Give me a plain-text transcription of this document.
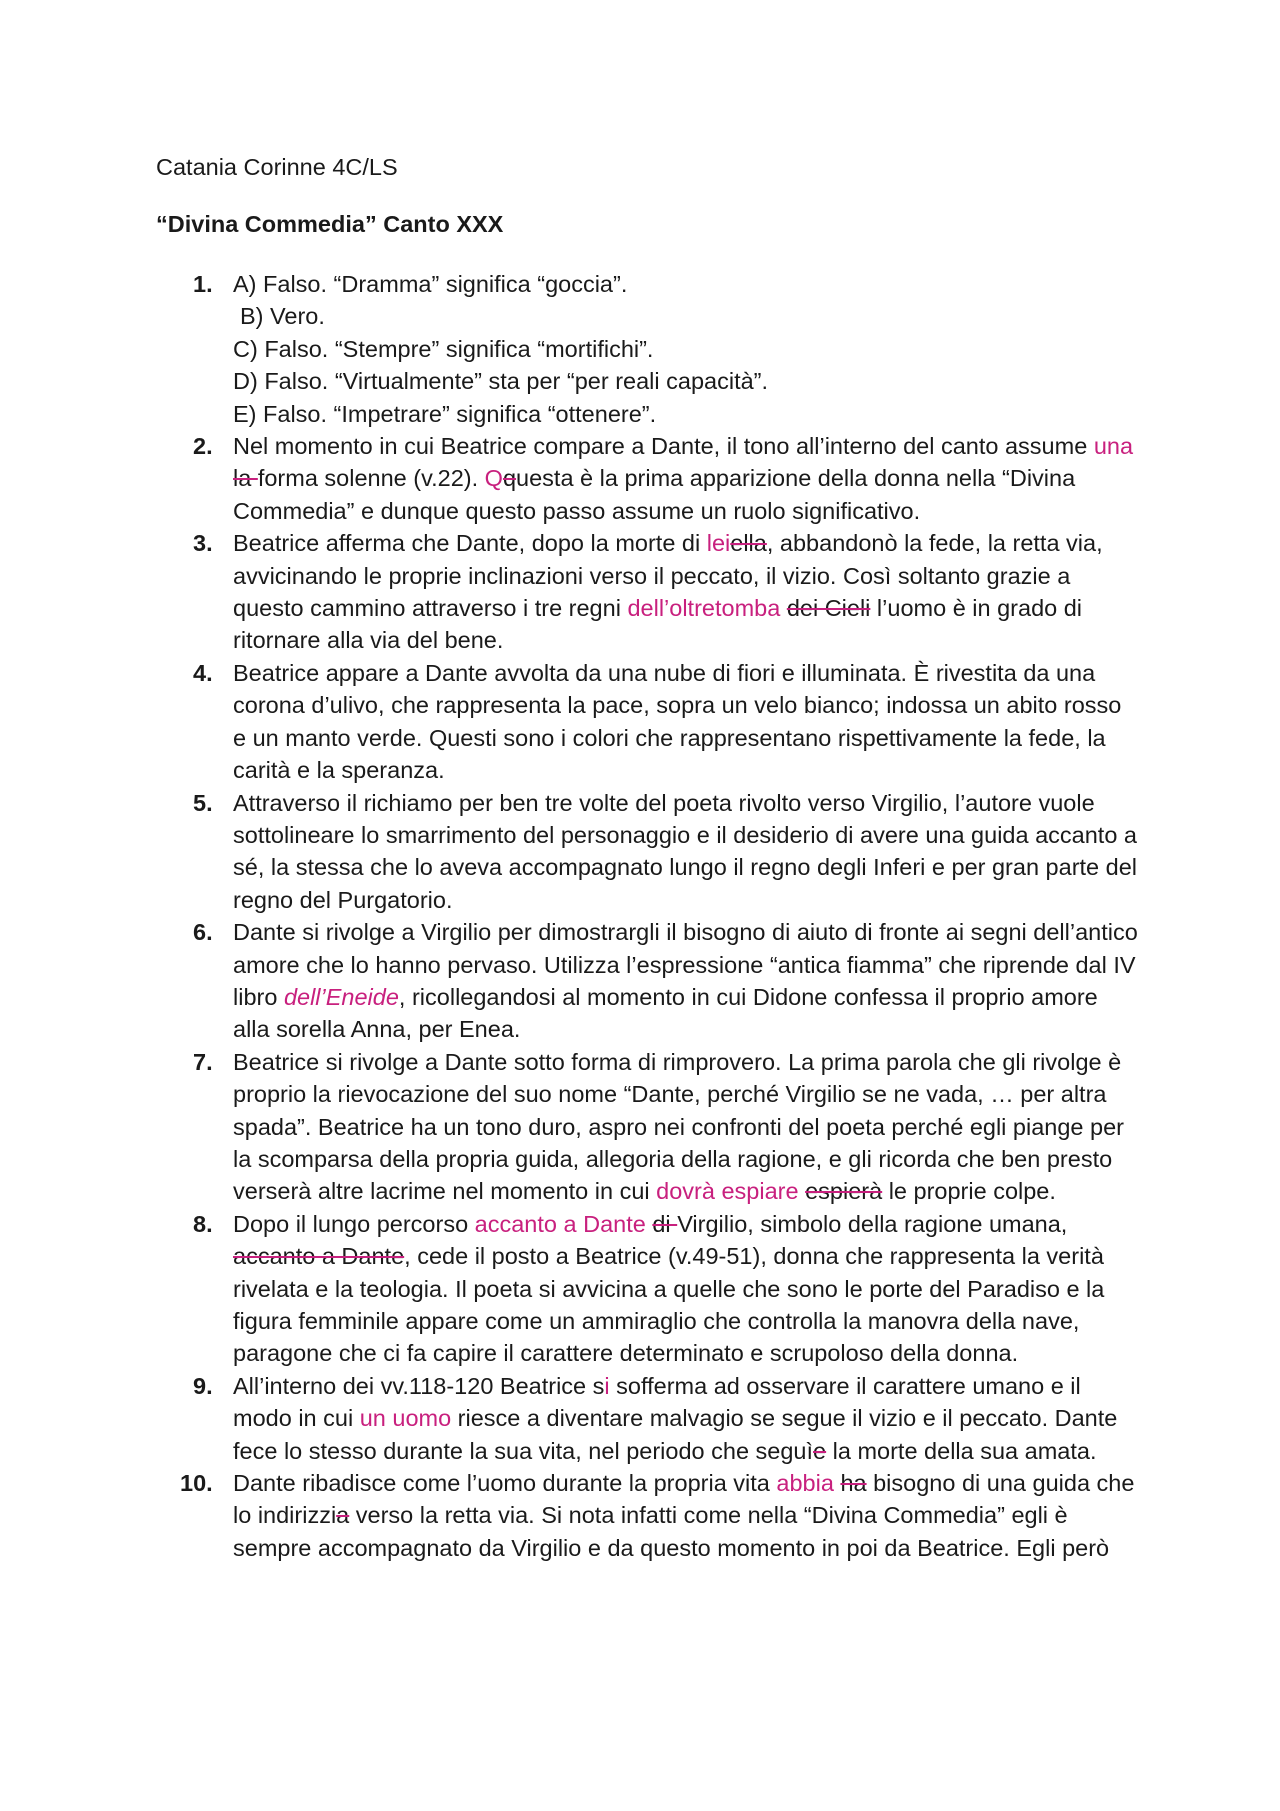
Catania Corinne 4C/LS
“Divina Commedia” Canto XXX
1. A) Falso. “Dramma” significa “goccia”.
B) Vero.
C) Falso. “Stempre” significa “mortifichi”.
D) Falso. “Virtualmente” sta per “per reali capacità”.
E) Falso. “Impetrare” significa “ottenere”.
2. Nel momento in cui Beatrice compare a Dante, il tono all’interno del canto assume una la forma solenne (v.22). Qquesta è la prima apparizione della donna nella “Divina Commedia” e dunque questo passo assume un ruolo significativo.
3. Beatrice afferma che Dante, dopo la morte di leiella, abbandonò la fede, la retta via, avvicinando le proprie inclinazioni verso il peccato, il vizio. Così soltanto grazie a questo cammino attraverso i tre regni dell’oltretomba dei Cieli l’uomo è in grado di ritornare alla via del bene.
4. Beatrice appare a Dante avvolta da una nube di fiori e illuminata. È rivestita da una corona d’ulivo, che rappresenta la pace, sopra un velo bianco; indossa un abito rosso e un manto verde. Questi sono i colori che rappresentano rispettivamente la fede, la carità e la speranza.
5. Attraverso il richiamo per ben tre volte del poeta rivolto verso Virgilio, l’autore vuole sottolineare lo smarrimento del personaggio e il desiderio di avere una guida accanto a sé, la stessa che lo aveva accompagnato lungo il regno degli Inferi e per gran parte del regno del Purgatorio.
6. Dante si rivolge a Virgilio per dimostrargli il bisogno di aiuto di fronte ai segni dell’antico amore che lo hanno pervaso. Utilizza l’espressione “antica fiamma” che riprende dal IV libro dell’Eneide, ricollegandosi al momento in cui Didone confessa il proprio amore alla sorella Anna, per Enea.
7. Beatrice si rivolge a Dante sotto forma di rimprovero. La prima parola che gli rivolge è proprio la rievocazione del suo nome “Dante, perché Virgilio se ne vada, … per altra spada”. Beatrice ha un tono duro, aspro nei confronti del poeta perché egli piange per la scomparsa della propria guida, allegoria della ragione, e gli ricorda che ben presto verserà altre lacrime nel momento in cui dovrà espiare espierà le proprie colpe.
8. Dopo il lungo percorso accanto a Dante di Virgilio, simbolo della ragione umana, accanto a Dante, cede il posto a Beatrice (v.49-51), donna che rappresenta la verità rivelata e la teologia. Il poeta si avvicina a quelle che sono le porte del Paradiso e la figura femminile appare come un ammiraglio che controlla la manovra della nave, paragone che ci fa capire il carattere determinato e scrupoloso della donna.
9. All’interno dei vv.118-120 Beatrice si sofferma ad osservare il carattere umano e il modo in cui un uomo riesce a diventare malvagio se segue il vizio e il peccato. Dante fece lo stesso durante la sua vita, nel periodo che seguìe la morte della sua amata.
10. Dante ribadisce come l’uomo durante la propria vita abbia ha bisogno di una guida che lo indirizzia verso la retta via. Si nota infatti come nella “Divina Commedia” egli è sempre accompagnato da Virgilio e da questo momento in poi da Beatrice. Egli però
